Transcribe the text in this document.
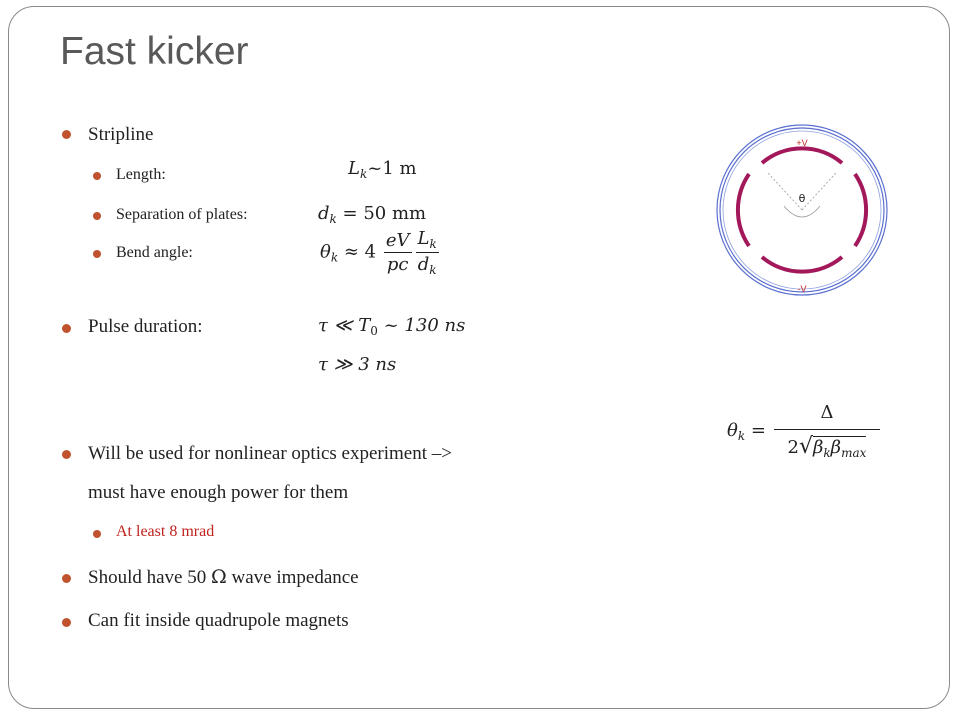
Fast kicker
Stripline
Length:	$L_k\sim 1$ m
Separation of plates:	$d_k = 50$ mm
Bend angle:	$\theta_k \approx 4 \frac{eV}{pc} \frac{L_k}{d_k}$
Pulse duration:	τ ≪ $T_0$ ~ 130 ns
τ ≫ 3 ns
Will be used for nonlinear optics experiment –>
must have enough power for them
At least 8 mrad
Should have 50 Ω wave impedance
Can fit inside quadrupole magnets
$\theta_k = \frac{\Delta}{2√\beta_k\beta_{max}}$
+V
-V
θ
